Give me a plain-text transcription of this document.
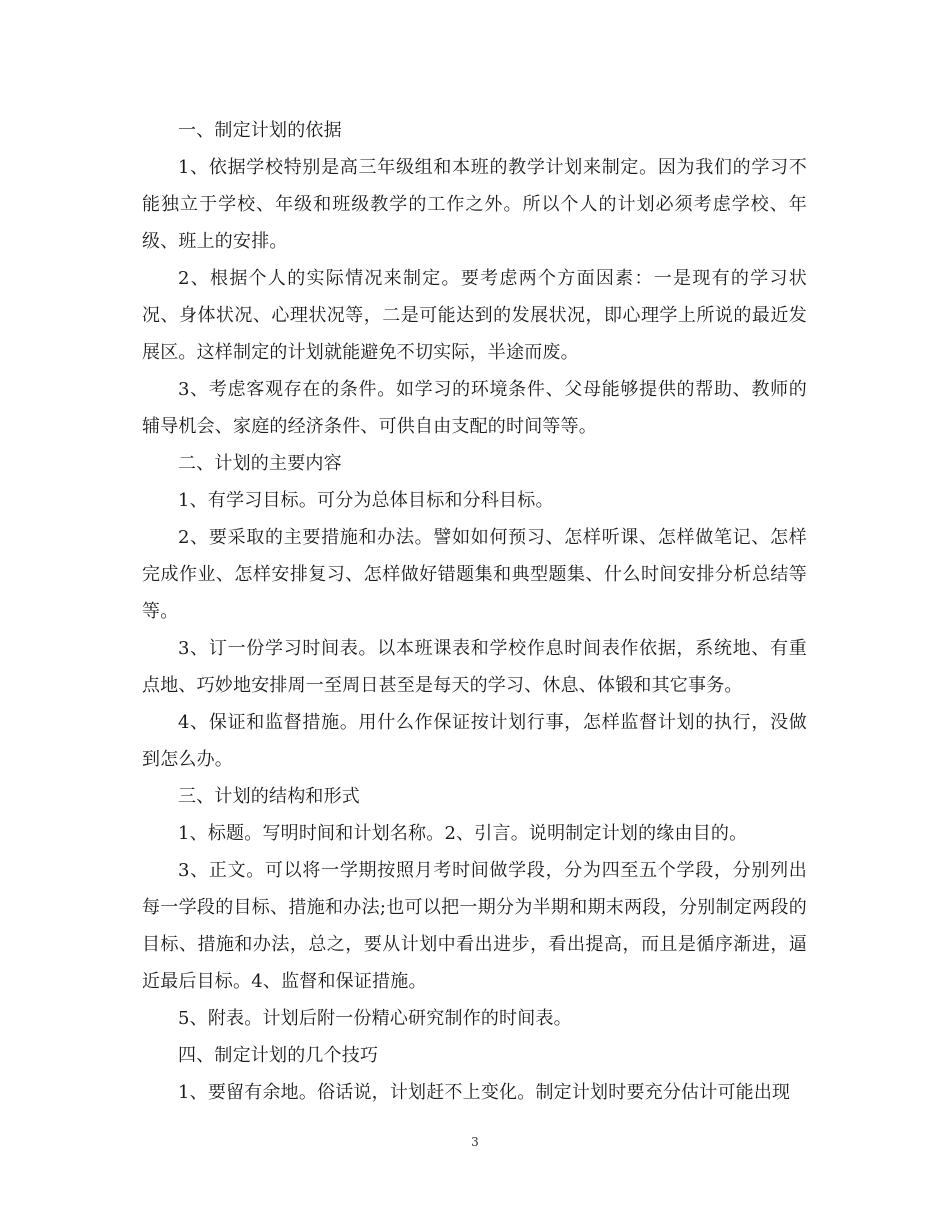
一、制定计划的依据

1、依据学校特别是高三年级组和本班的教学计划来制定。因为我们的学习不能独立于学校、年级和班级教学的工作之外。所以个人的计划必须考虑学校、年级、班上的安排。

2、根据个人的实际情况来制定。要考虑两个方面因素：一是现有的学习状况、身体状况、心理状况等，二是可能达到的发展状况，即心理学上所说的最近发展区。这样制定的计划就能避免不切实际，半途而废。

3、考虑客观存在的条件。如学习的环境条件、父母能够提供的帮助、教师的辅导机会、家庭的经济条件、可供自由支配的时间等等。

二、计划的主要内容

1、有学习目标。可分为总体目标和分科目标。

2、要采取的主要措施和办法。譬如如何预习、怎样听课、怎样做笔记、怎样完成作业、怎样安排复习、怎样做好错题集和典型题集、什么时间安排分析总结等等。

3、订一份学习时间表。以本班课表和学校作息时间表作依据，系统地、有重点地、巧妙地安排周一至周日甚至是每天的学习、休息、体锻和其它事务。

4、保证和监督措施。用什么作保证按计划行事，怎样监督计划的执行，没做到怎么办。

三、计划的结构和形式

1、标题。写明时间和计划名称。2、引言。说明制定计划的缘由目的。

3、正文。可以将一学期按照月考时间做学段，分为四至五个学段，分别列出每一学段的目标、措施和办法;也可以把一期分为半期和期末两段，分别制定两段的目标、措施和办法，总之，要从计划中看出进步，看出提高，而且是循序渐进，逼近最后目标。4、监督和保证措施。

5、附表。计划后附一份精心研究制作的时间表。

四、制定计划的几个技巧

1、要留有余地。俗话说，计划赶不上变化。制定计划时要充分估计可能出现

3
